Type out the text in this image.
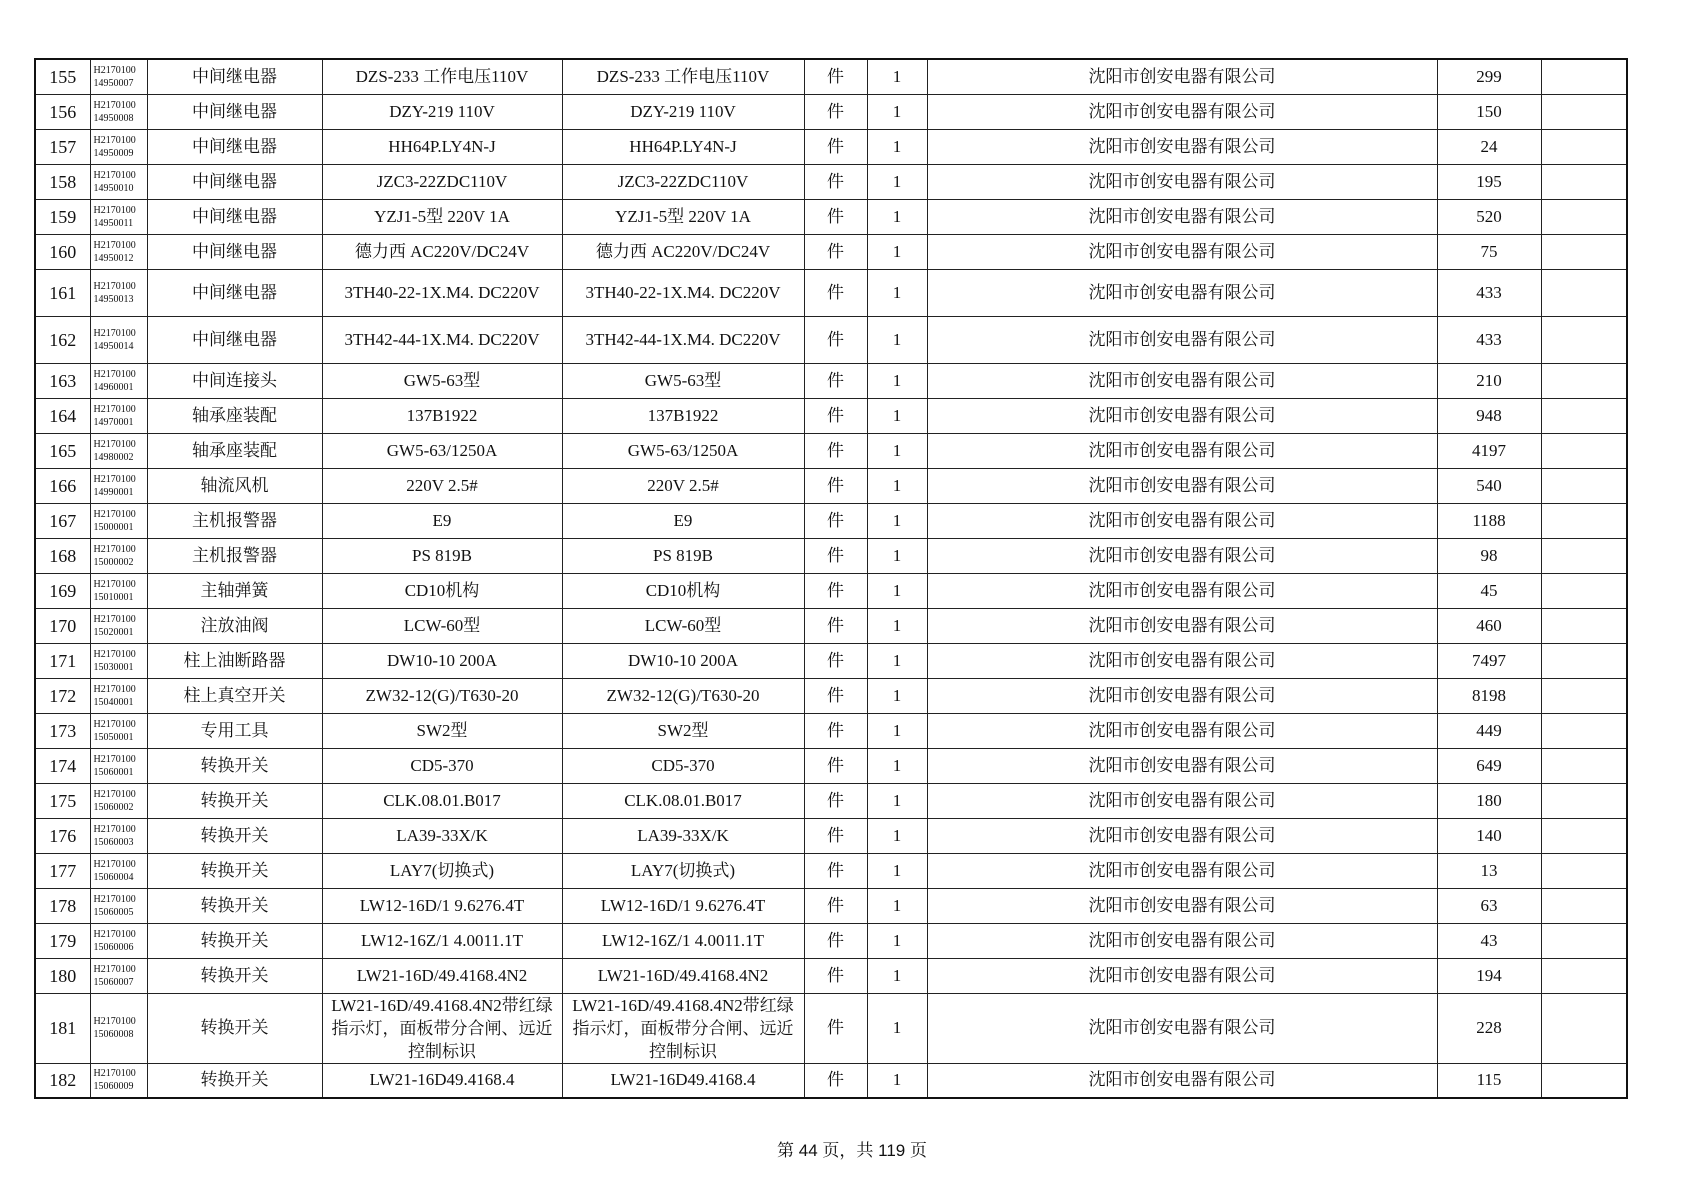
155	H2170100 14950007	中间继电器	DZS-233 工作电压110V	DZS-233 工作电压110V	件	1	沈阳市创安电器有限公司	299	
156	H2170100 14950008	中间继电器	DZY-219 110V	DZY-219 110V	件	1	沈阳市创安电器有限公司	150	
157	H2170100 14950009	中间继电器	HH64P.LY4N-J	HH64P.LY4N-J	件	1	沈阳市创安电器有限公司	24	
158	H2170100 14950010	中间继电器	JZC3-22ZDC110V	JZC3-22ZDC110V	件	1	沈阳市创安电器有限公司	195	
159	H2170100 14950011	中间继电器	YZJ1-5型 220V 1A	YZJ1-5型 220V 1A	件	1	沈阳市创安电器有限公司	520	
160	H2170100 14950012	中间继电器	德力西 AC220V/DC24V	德力西 AC220V/DC24V	件	1	沈阳市创安电器有限公司	75	
161	H2170100 14950013	中间继电器	3TH40-22-1X.M4. DC220V	3TH40-22-1X.M4. DC220V	件	1	沈阳市创安电器有限公司	433	
162	H2170100 14950014	中间继电器	3TH42-44-1X.M4. DC220V	3TH42-44-1X.M4. DC220V	件	1	沈阳市创安电器有限公司	433	
163	H2170100 14960001	中间连接头	GW5-63型	GW5-63型	件	1	沈阳市创安电器有限公司	210	
164	H2170100 14970001	轴承座装配	137B1922	137B1922	件	1	沈阳市创安电器有限公司	948	
165	H2170100 14980002	轴承座装配	GW5-63/1250A	GW5-63/1250A	件	1	沈阳市创安电器有限公司	4197	
166	H2170100 14990001	轴流风机	220V 2.5#	220V 2.5#	件	1	沈阳市创安电器有限公司	540	
167	H2170100 15000001	主机报警器	E9	E9	件	1	沈阳市创安电器有限公司	1188	
168	H2170100 15000002	主机报警器	PS 819B	PS 819B	件	1	沈阳市创安电器有限公司	98	
169	H2170100 15010001	主轴弹簧	CD10机构	CD10机构	件	1	沈阳市创安电器有限公司	45	
170	H2170100 15020001	注放油阀	LCW-60型	LCW-60型	件	1	沈阳市创安电器有限公司	460	
171	H2170100 15030001	柱上油断路器	DW10-10 200A	DW10-10 200A	件	1	沈阳市创安电器有限公司	7497	
172	H2170100 15040001	柱上真空开关	ZW32-12(G)/T630-20	ZW32-12(G)/T630-20	件	1	沈阳市创安电器有限公司	8198	
173	H2170100 15050001	专用工具	SW2型	SW2型	件	1	沈阳市创安电器有限公司	449	
174	H2170100 15060001	转换开关	CD5-370	CD5-370	件	1	沈阳市创安电器有限公司	649	
175	H2170100 15060002	转换开关	CLK.08.01.B017	CLK.08.01.B017	件	1	沈阳市创安电器有限公司	180	
176	H2170100 15060003	转换开关	LA39-33X/K	LA39-33X/K	件	1	沈阳市创安电器有限公司	140	
177	H2170100 15060004	转换开关	LAY7(切换式)	LAY7(切换式)	件	1	沈阳市创安电器有限公司	13	
178	H2170100 15060005	转换开关	LW12-16D/1 9.6276.4T	LW12-16D/1 9.6276.4T	件	1	沈阳市创安电器有限公司	63	
179	H2170100 15060006	转换开关	LW12-16Z/1 4.0011.1T	LW12-16Z/1 4.0011.1T	件	1	沈阳市创安电器有限公司	43	
180	H2170100 15060007	转换开关	LW21-16D/49.4168.4N2	LW21-16D/49.4168.4N2	件	1	沈阳市创安电器有限公司	194	
181	H2170100 15060008	转换开关	LW21-16D/49.4168.4N2带红绿指示灯，面板带分合闸、远近控制标识	LW21-16D/49.4168.4N2带红绿指示灯，面板带分合闸、远近控制标识	件	1	沈阳市创安电器有限公司	228	
182	H2170100 15060009	转换开关	LW21-16D49.4168.4	LW21-16D49.4168.4	件	1	沈阳市创安电器有限公司	115	
第 44 页，共 119 页
